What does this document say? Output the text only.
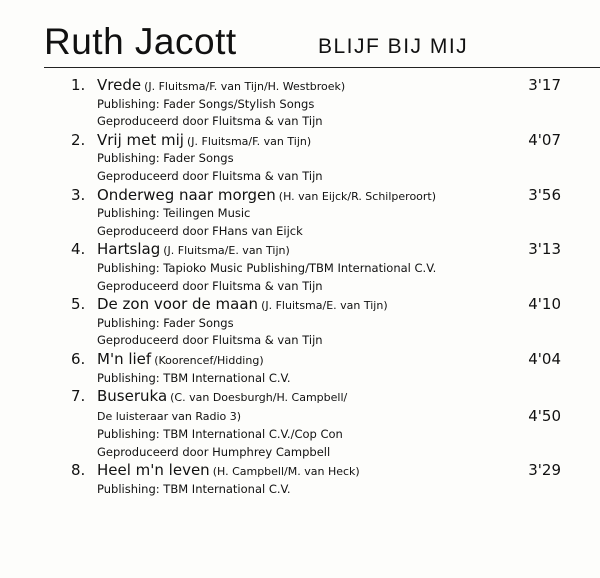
Ruth Jacott	BLIJF BIJ MIJ
1. Vrede (J. Fluitsma/F. van Tijn/H. Westbroek)	3'17
Publishing: Fader Songs/Stylish Songs
Geproduceerd door Fluitsma & van Tijn
2. Vrij met mij (J. Fluitsma/F. van Tijn)	4'07
Publishing: Fader Songs
Geproduceerd door Fluitsma & van Tijn
3. Onderweg naar morgen (H. van Eijck/R. Schilperoort)	3'56
Publishing: Teilingen Music
Geproduceerd door FHans van Eijck
4. Hartslag (J. Fluitsma/E. van Tijn)	3'13
Publishing: Tapioko Music Publishing/TBM International C.V.
Geproduceerd door Fluitsma & van Tijn
5. De zon voor de maan (J. Fluitsma/E. van Tijn)	4'10
Publishing: Fader Songs
Geproduceerd door Fluitsma & van Tijn
6. M'n lief (Koorencef/Hidding)	4'04
Publishing: TBM International C.V.
7. Buseruka (C. van Doesburgh/H. Campbell/
De luisteraar van Radio 3)	4'50
Publishing: TBM International C.V./Cop Con
Geproduceerd door Humphrey Campbell
8. Heel m'n leven (H. Campbell/M. van Heck)	3'29
Publishing: TBM International C.V.
